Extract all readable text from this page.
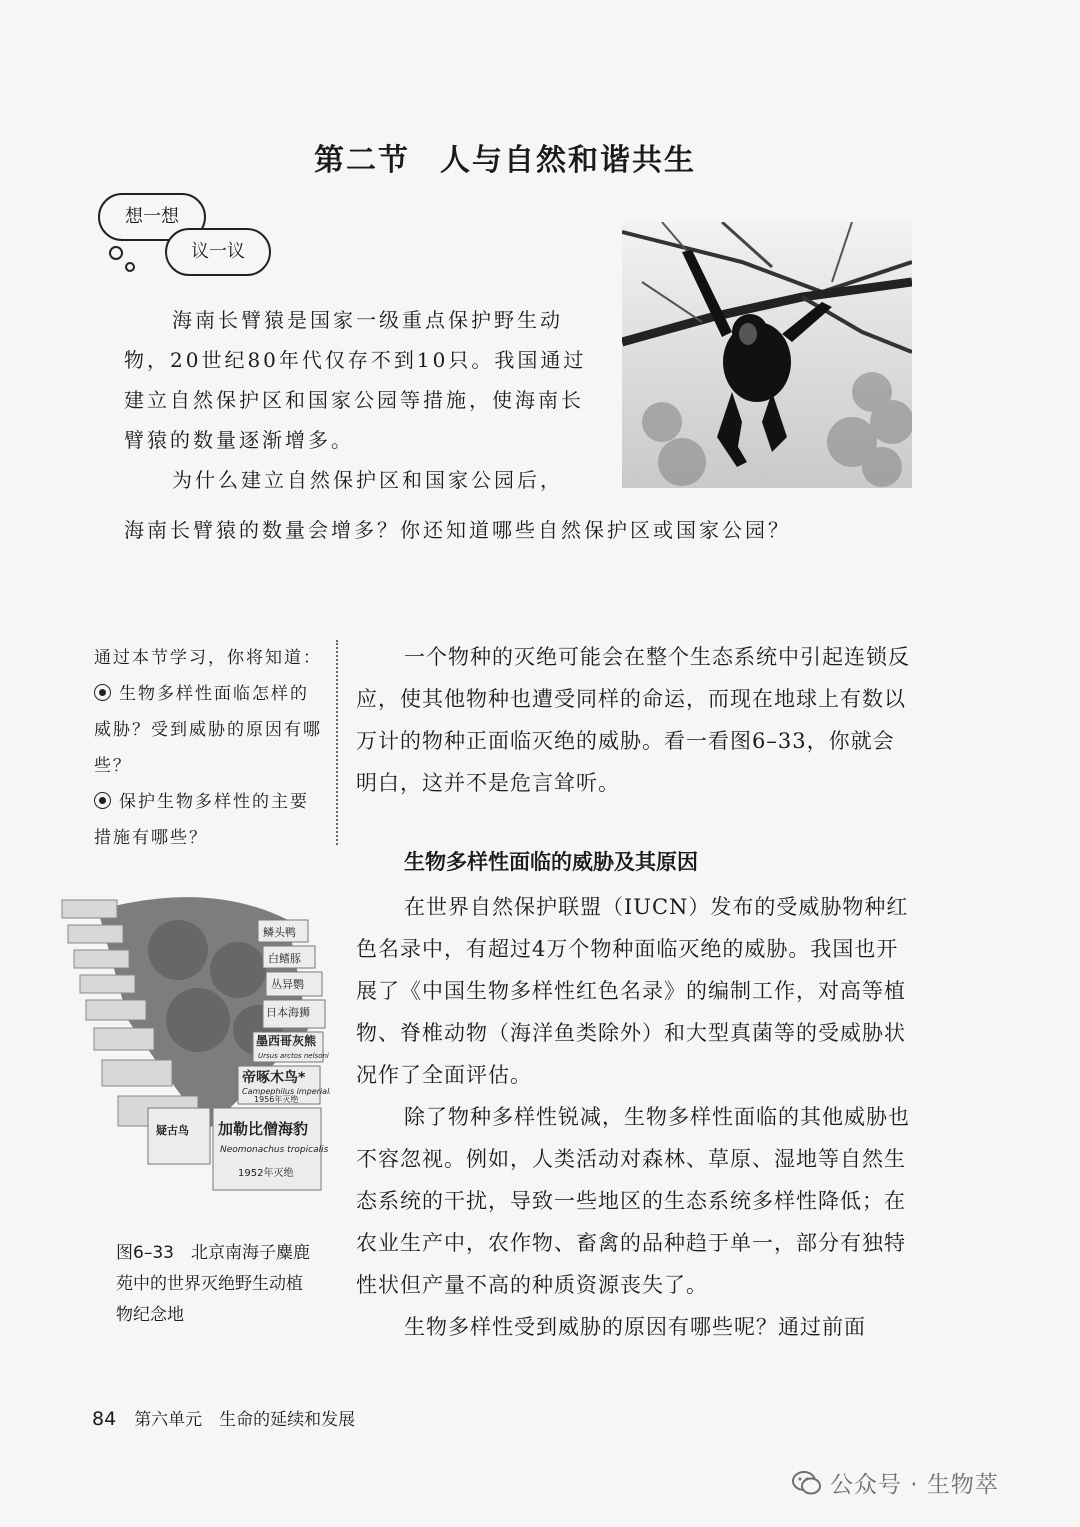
第二节 人与自然和谐共生
想一想
议一议

海南长臂猿是国家一级重点保护野生动物，20世纪80年代仅存不到10只。我国通过建立自然保护区和国家公园等措施，使海南长臂猿的数量逐渐增多。

为什么建立自然保护区和国家公园后，

海南长臂猿的数量会增多？你还知道哪些自然保护区或国家公园？

通过本节学习，你将知道：
生物多样性面临怎样的威胁？受到威胁的原因有哪些？
保护生物多样性的主要措施有哪些？

一个物种的灭绝可能会在整个生态系统中引起连锁反应，使其他物种也遭受同样的命运，而现在地球上有数以万计的物种正面临灭绝的威胁。看一看图6–33，你就会明白，这并不是危言耸听。

生物多样性面临的威胁及其原因

在世界自然保护联盟（IUCN）发布的受威胁物种红色名录中，有超过4万个物种面临灭绝的威胁。我国也开展了《中国生物多样性红色名录》的编制工作，对高等植物、脊椎动物（海洋鱼类除外）和大型真菌等的受威胁状况作了全面评估。

除了物种多样性锐减，生物多样性面临的其他威胁也不容忽视。例如，人类活动对森林、草原、湿地等自然生态系统的干扰，导致一些地区的生态系统多样性降低；在农业生产中，农作物、畜禽的品种趋于单一，部分有独特性状但产量不高的种质资源丧失了。

生物多样性受到威胁的原因有哪些呢？通过前面

鳞头鸭
白鳍豚
丛异鹦
日本海狮
墨西哥灰熊
Ursus arctos nelsoni
帝啄木鸟*
Campephilus imperialis
1956年灭绝
加勒比僧海豹
Neomonachus tropicalis
1952年灭绝
疑古鸟
图6–33　北京南海子麋鹿苑中的世界灭绝野生动植物纪念地
84 第六单元　生命的延续和发展
公众号 · 生物萃
